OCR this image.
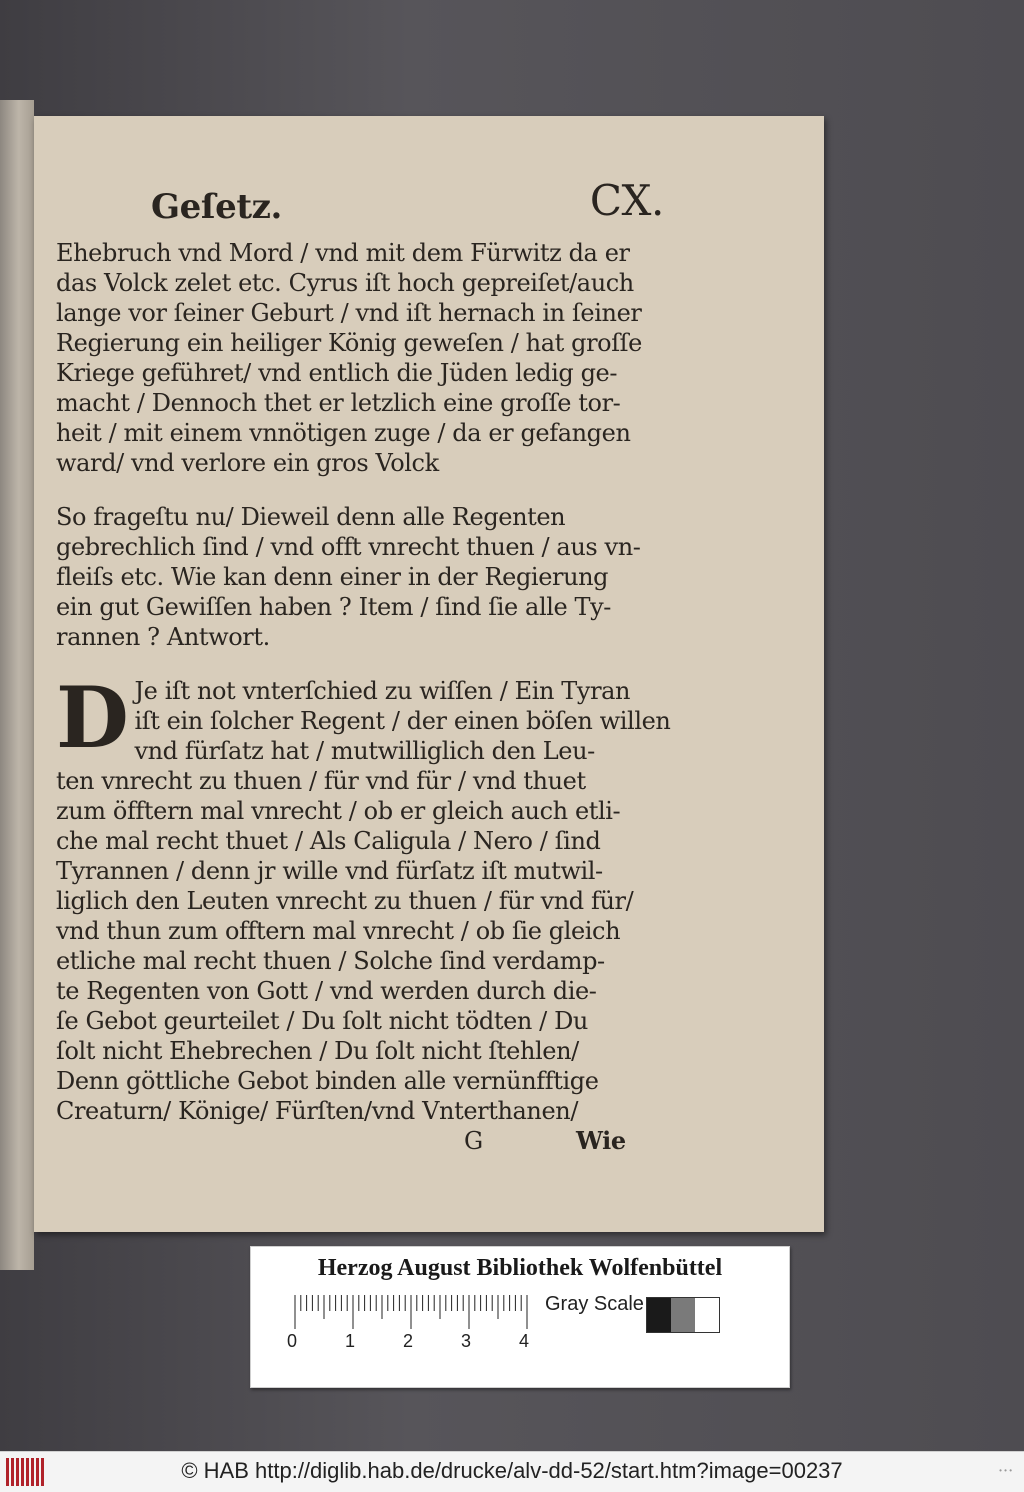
Geſetz.	CX.
Ehebruch vnd Mord / vnd mit dem Fürwitz da er
das Volck zelet etc. Cyrus iſt hoch gepreiſet/auch
lange vor ſeiner Geburt / vnd iſt hernach in ſeiner
Regierung ein heiliger König geweſen / hat groſſe
Kriege geführet/ vnd entlich die Jüden ledig ge-
macht / Dennoch thet er letzlich eine groſſe tor-
heit / mit einem vnnötigen zuge / da er gefangen
ward/ vnd verlore ein gros Volck
So frageſtu nu/ Dieweil denn alle Regenten
gebrechlich ſind / vnd offt vnrecht thuen / aus vn-
fleiſs etc. Wie kan denn einer in der Regierung
ein gut Gewiſſen haben ? Item / ſind ſie alle Ty-
rannen ? Antwort.
D Je iſt not vnterſchied zu wiſſen / Ein Tyran
iſt ein ſolcher Regent / der einen böſen willen
vnd fürſatz hat / mutwilliglich den Leu-
ten vnrecht zu thuen / für vnd für / vnd thuet
zum öfftern mal vnrecht / ob er gleich auch etli-
che mal recht thuet / Als Caligula / Nero / ſind
Tyrannen / denn jr wille vnd fürſatz iſt mutwil-
liglich den Leuten vnrecht zu thuen / für vnd für/
vnd thun zum offtern mal vnrecht / ob ſie gleich
etliche mal recht thuen / Solche ſind verdamp-
te Regenten von Gott / vnd werden durch die-
ſe Gebot geurteilet / Du ſolt nicht tödten / Du
ſolt nicht Ehebrechen / Du ſolt nicht ſtehlen/
Denn göttliche Gebot binden alle vernünfftige
Creaturn/ Könige/ Fürſten/vnd Vnterthanen/
G	Wie
Herzog August Bibliothek Wolfenbüttel
0	1	2	3	4
Gray Scale
© HAB http://diglib.hab.de/drucke/alv-dd-52/start.htm?image=00237	• • •
